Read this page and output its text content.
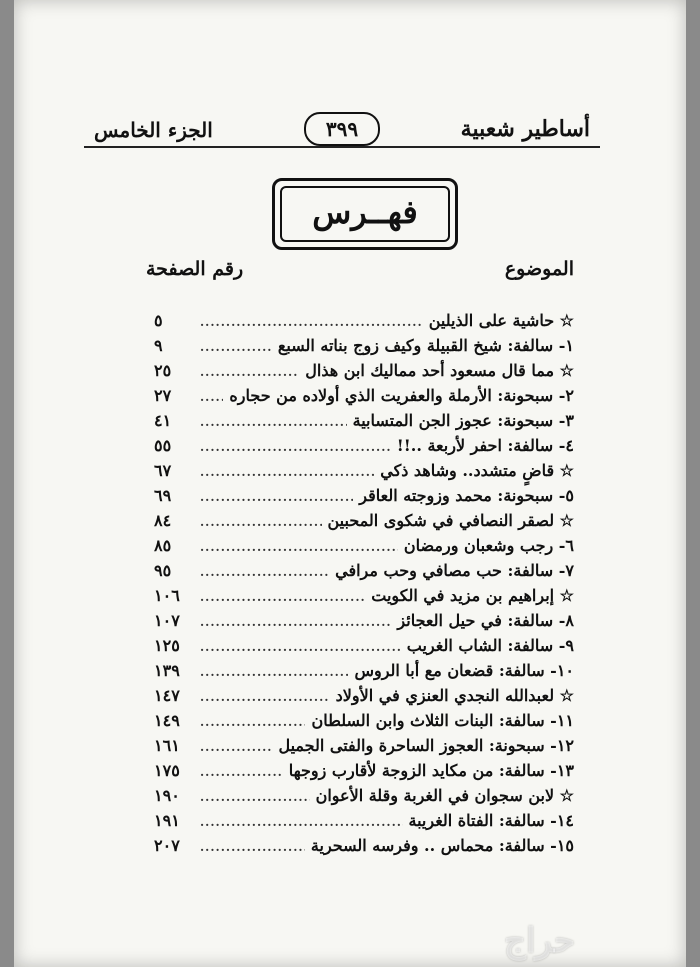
أساطير شعبية
٣٩٩
الجزء الخامس
فهــرس
الموضوع
رقم الصفحة
☆ حاشية على الذيلين
.....
٥
١- سالفة: شيخ القبيلة وكيف زوج بناته السبع
.....
٩
☆ مما قال مسعود أحد مماليك ابن هذال
.....
٢٥
٢- سبحونة: الأرملة والعفريت الذي أولاده من حجاره
.....
٢٧
٣- سبحونة: عجوز الجن المتسابية
.....
٤١
٤- سالفة: احفر لأربعة ..!!
.....
٥٥
☆ قاضٍ متشدد.. وشاهد ذكي
.....
٦٧
٥- سبحونة: محمد وزوجته العاقر
.....
٦٩
☆ لصقر النصافي في شكوى المحبين
.....
٨٤
٦- رجب وشعبان ورمضان
.....
٨٥
٧- سالفة: حب مصافي وحب مرافي
.....
٩٥
☆ إبراهيم بن مزيد في الكويت
.....
١٠٦
٨- سالفة: في حيل العجائز
.....
١٠٧
٩- سالفة: الشاب الغريب
.....
١٢٥
١٠- سالفة: قضعان مع أبا الروس
.....
١٣٩
☆ لعبدالله النجدي العنزي في الأولاد
.....
١٤٧
١١- سالفة: البنات الثلاث وابن السلطان
.....
١٤٩
١٢- سبحونة: العجوز الساحرة والفتى الجميل
.....
١٦١
١٣- سالفة: من مكايد الزوجة لأقارب زوجها
.....
١٧٥
☆ لابن سجوان في الغربة وقلة الأعوان
.....
١٩٠
١٤- سالفة: الفتاة الغريبة
.....
١٩١
١٥- سالفة: محماس .. وفرسه السحرية
.....
٢٠٧
حراج
